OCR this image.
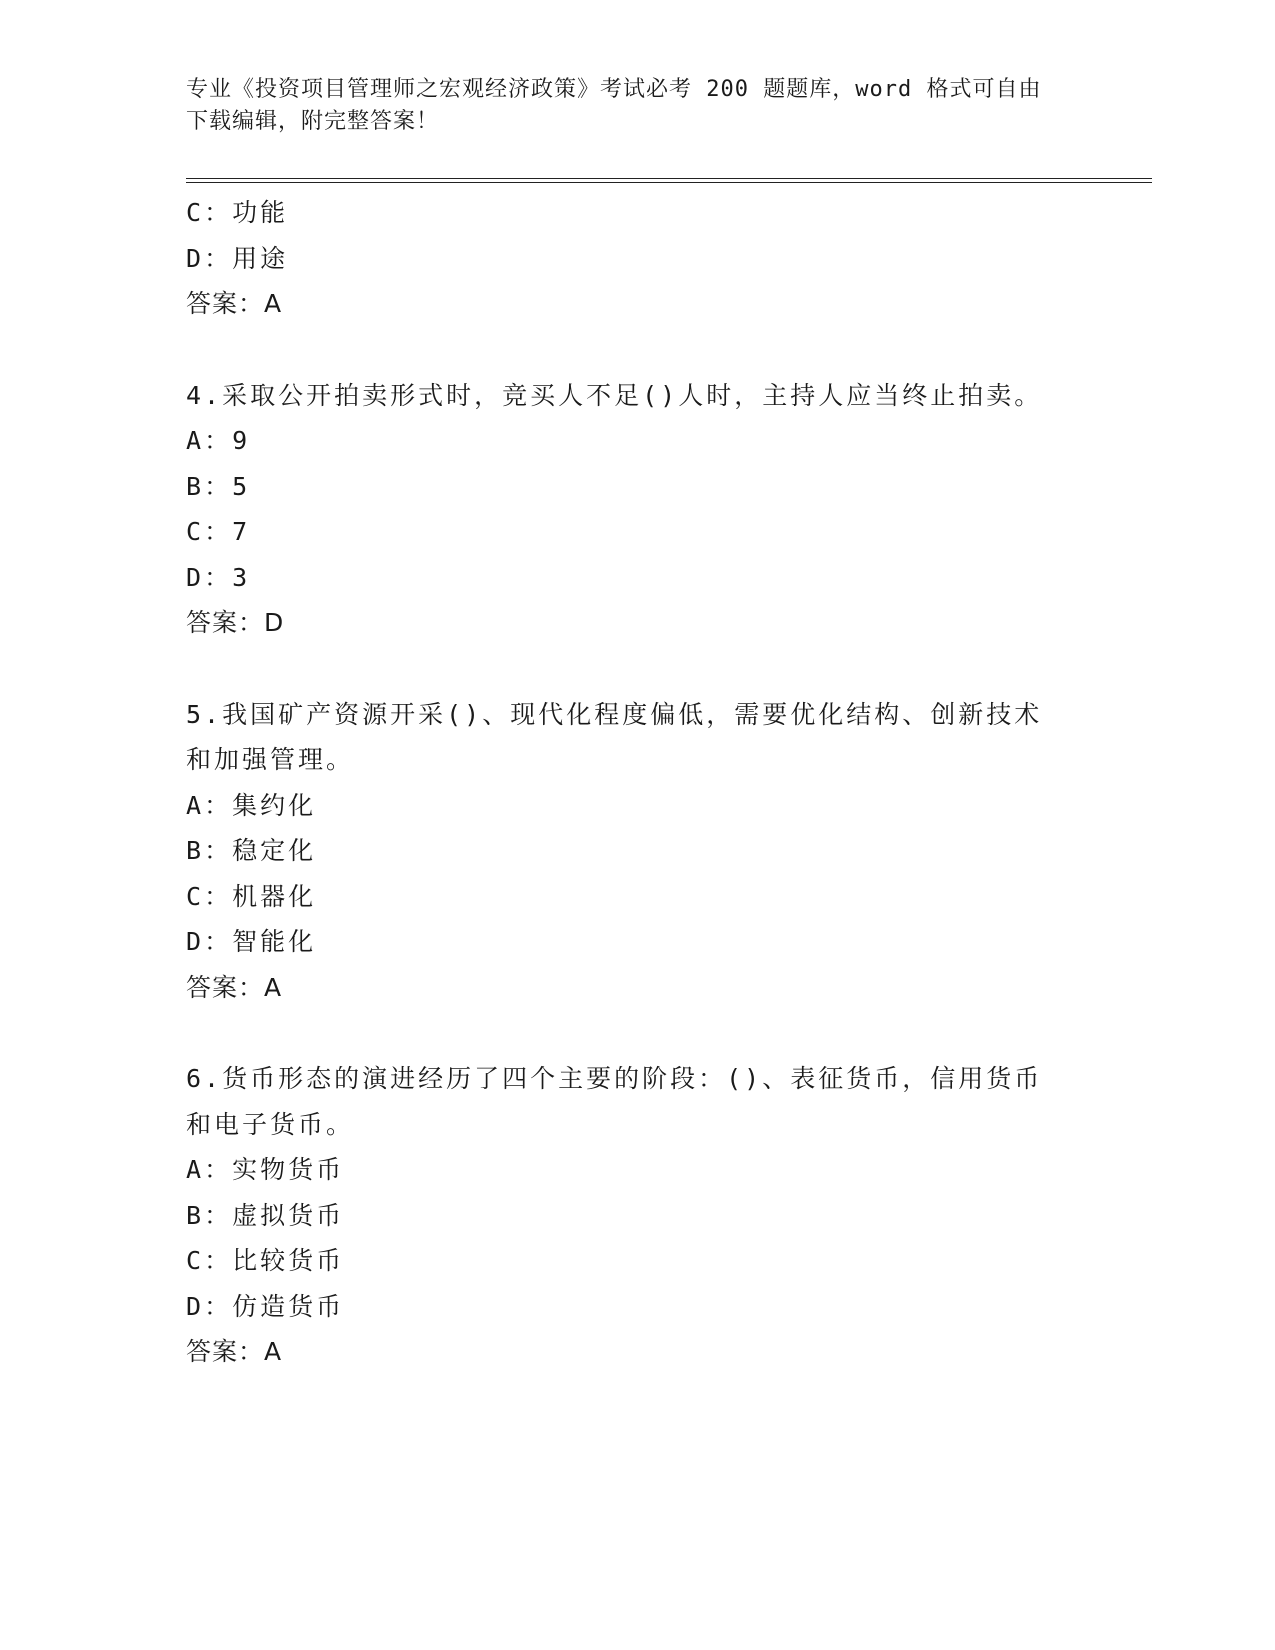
专业《投资项目管理师之宏观经济政策》考试必考 200 题题库，word 格式可自由
下载编辑，附完整答案！
C：功能
D：用途
答案：A
4.采取公开拍卖形式时，竞买人不足()人时，主持人应当终止拍卖。
A：9
B：5
C：7
D：3
答案：D
5.我国矿产资源开采()、现代化程度偏低，需要优化结构、创新技术
和加强管理。
A：集约化
B：稳定化
C：机器化
D：智能化
答案：A
6.货币形态的演进经历了四个主要的阶段：()、表征货币，信用货币
和电子货币。
A：实物货币
B：虚拟货币
C：比较货币
D：仿造货币
答案：A
